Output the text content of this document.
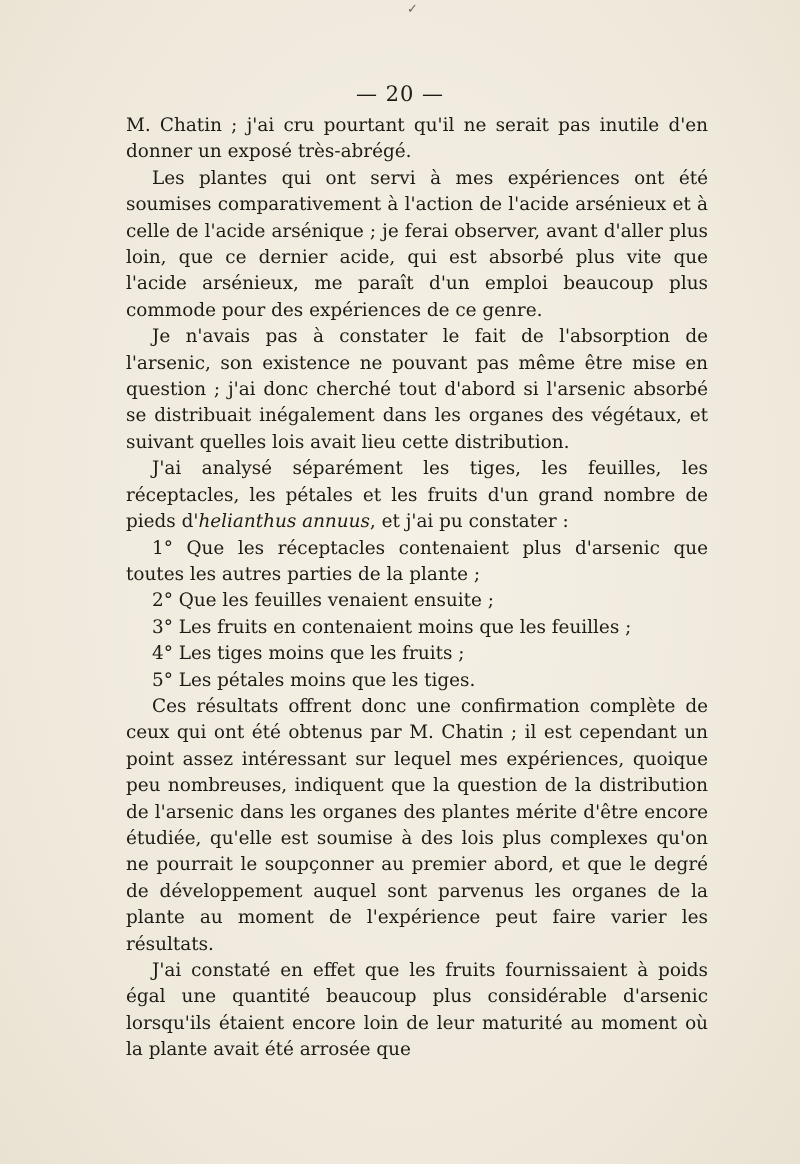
✓
— 20 —

M. Chatin ; j'ai cru pourtant qu'il ne serait pas inutile d'en donner un exposé très-abrégé.

Les plantes qui ont servi à mes expériences ont été soumises comparativement à l'action de l'acide arsénieux et à celle de l'acide arsénique ; je ferai observer, avant d'aller plus loin, que ce dernier acide, qui est absorbé plus vite que l'acide arsénieux, me paraît d'un emploi beaucoup plus commode pour des expériences de ce genre.

Je n'avais pas à constater le fait de l'absorption de l'arsenic, son existence ne pouvant pas même être mise en question ; j'ai donc cherché tout d'abord si l'arsenic absorbé se distribuait inégalement dans les organes des végétaux, et suivant quelles lois avait lieu cette distribution.

J'ai analysé séparément les tiges, les feuilles, les réceptacles, les pétales et les fruits d'un grand nombre de pieds d'helianthus annuus, et j'ai pu constater :

1° Que les réceptacles contenaient plus d'arsenic que toutes les autres parties de la plante ;

2° Que les feuilles venaient ensuite ;

3° Les fruits en contenaient moins que les feuilles ;

4° Les tiges moins que les fruits ;

5° Les pétales moins que les tiges.

Ces résultats offrent donc une confirmation complète de ceux qui ont été obtenus par M. Chatin ; il est cependant un point assez intéressant sur lequel mes expériences, quoique peu nombreuses, indiquent que la question de la distribution de l'arsenic dans les organes des plantes mérite d'être encore étudiée, qu'elle est soumise à des lois plus complexes qu'on ne pourrait le soupçonner au premier abord, et que le degré de développement auquel sont parvenus les organes de la plante au moment de l'expérience peut faire varier les résultats.

J'ai constaté en effet que les fruits fournissaient à poids égal une quantité beaucoup plus considérable d'arsenic lorsqu'ils étaient encore loin de leur maturité au moment où la plante avait été arrosée que
